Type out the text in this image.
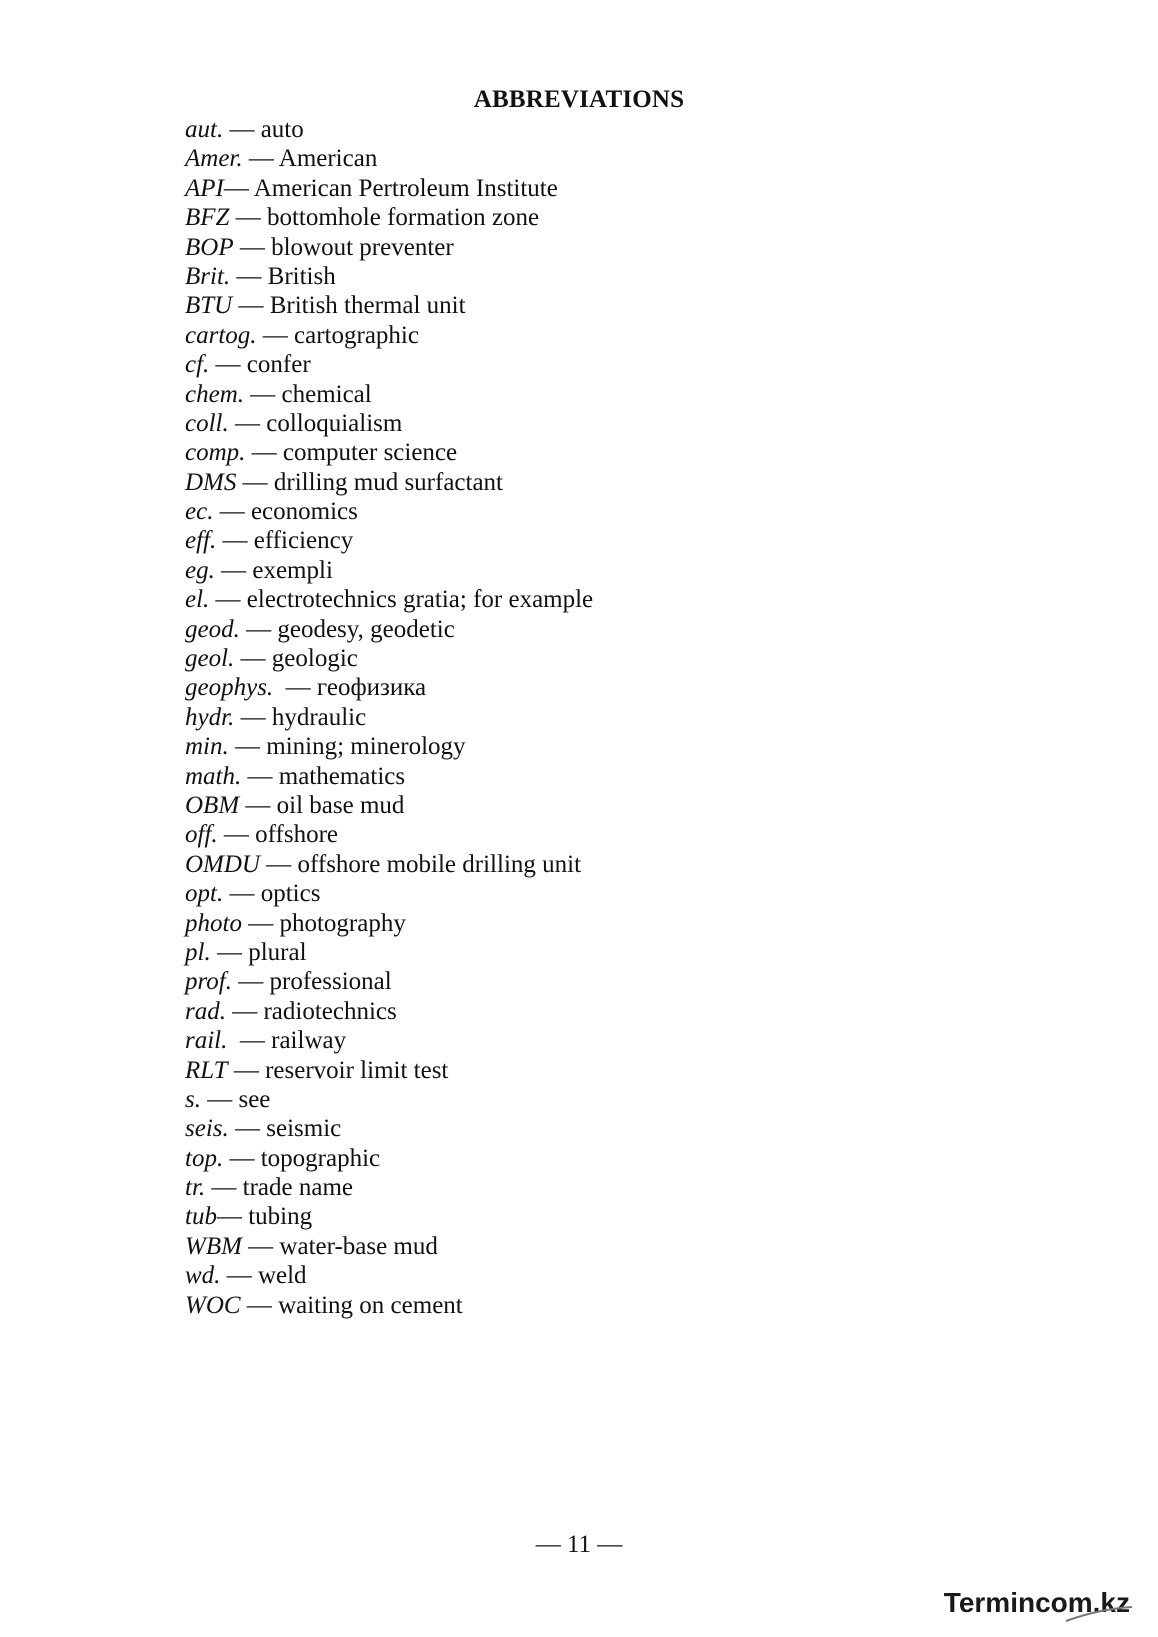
ABBREVIATIONS
aut. — auto
Amer. — American
API— American Pertroleum Institute
BFZ — bottomhole formation zone
BOP — blowout preventer
Brit. — British
BTU — British thermal unit
cartog. — cartographic
cf. — confer
chem. — chemical
coll. — colloquialism
comp. — computer science
DMS — drilling mud surfactant
ec. — economics
eff. — efficiency
eg. — exempli
el. — electrotechnics gratia; for example
geod. — geodesy, geodetic
geol. — geologic
geophys.  — геофизика
hydr. — hydraulic
min. — mining; minerology
math. — mathematics
OBM — oil base mud
off. — offshore
OMDU — offshore mobile drilling unit
opt. — optics
photo — photography
pl. — plural
prof. — professional
rad. — radiotechnics
rail.  — railway
RLT — reservoir limit test
s. — see
seis. — seismic
top. — topographic
tr. — trade name
tub— tubing
WBM — water-base mud
wd. — weld
WOC — waiting on cement
— 11 —
Termincom.kz
